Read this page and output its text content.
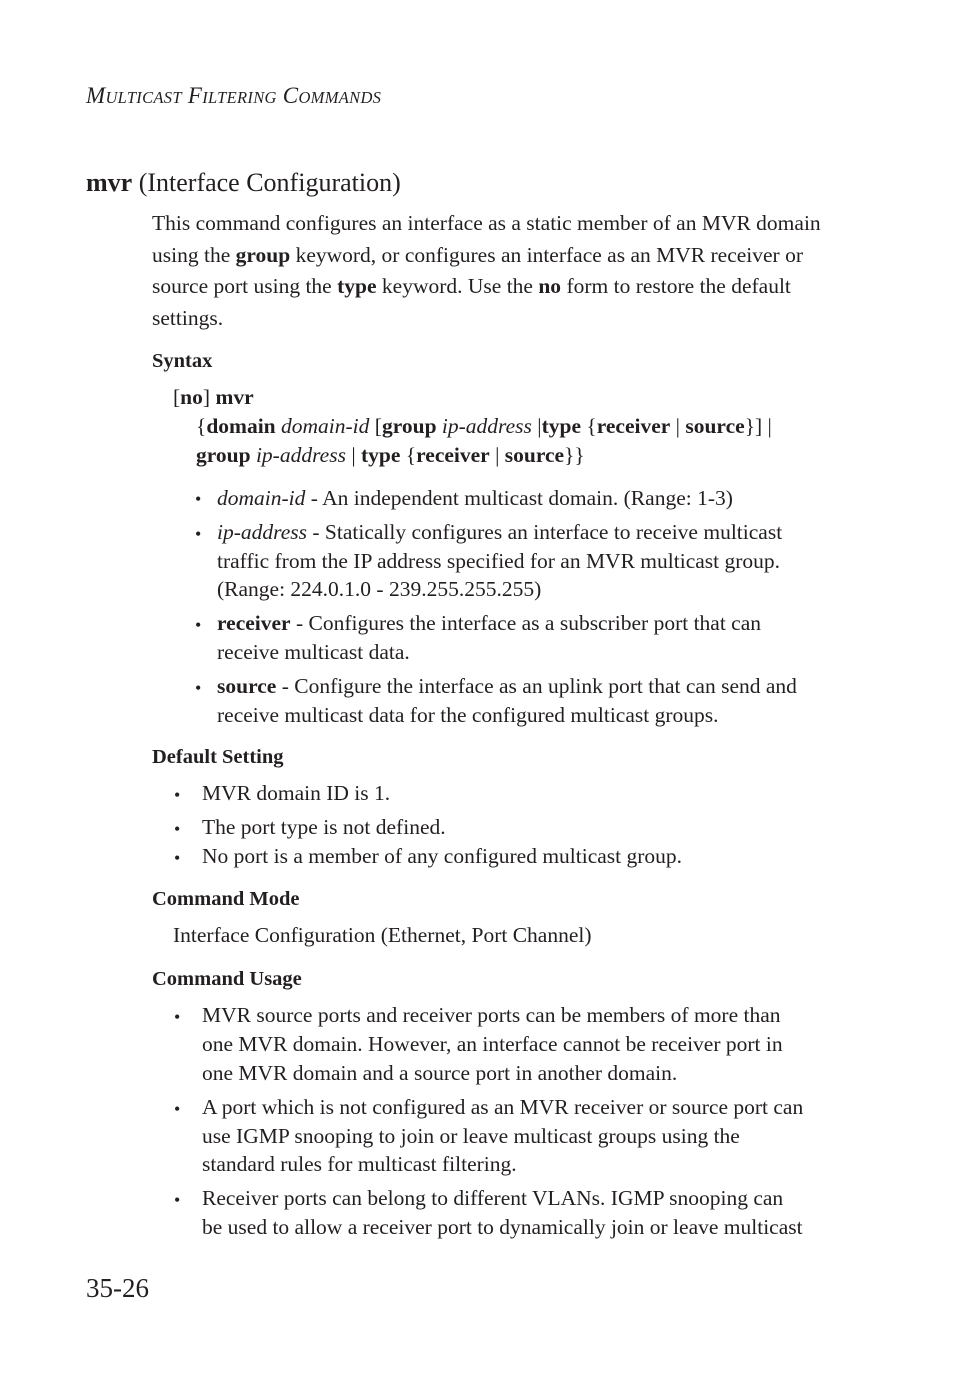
MULTICAST FILTERING COMMANDS
mvr (Interface Configuration)
This command configures an interface as a static member of an MVR domain using the group keyword, or configures an interface as an MVR receiver or source port using the type keyword. Use the no form to restore the default settings.
Syntax
[no] mvr
{domain domain-id [group ip-address |type {receiver | source}] |
group ip-address | type {receiver | source}}
• domain-id - An independent multicast domain. (Range: 1-3)
• ip-address - Statically configures an interface to receive multicast
traffic from the IP address specified for an MVR multicast group.
(Range: 224.0.1.0 - 239.255.255.255)
• receiver - Configures the interface as a subscriber port that can
receive multicast data.
• source - Configure the interface as an uplink port that can send and
receive multicast data for the configured multicast groups.
Default Setting
• MVR domain ID is 1.
• The port type is not defined.
• No port is a member of any configured multicast group.
Command Mode
Interface Configuration (Ethernet, Port Channel)
Command Usage
• MVR source ports and receiver ports can be members of more than
one MVR domain. However, an interface cannot be receiver port in
one MVR domain and a source port in another domain.
• A port which is not configured as an MVR receiver or source port can
use IGMP snooping to join or leave multicast groups using the
standard rules for multicast filtering.
• Receiver ports can belong to different VLANs. IGMP snooping can
be used to allow a receiver port to dynamically join or leave multicast
35-26
